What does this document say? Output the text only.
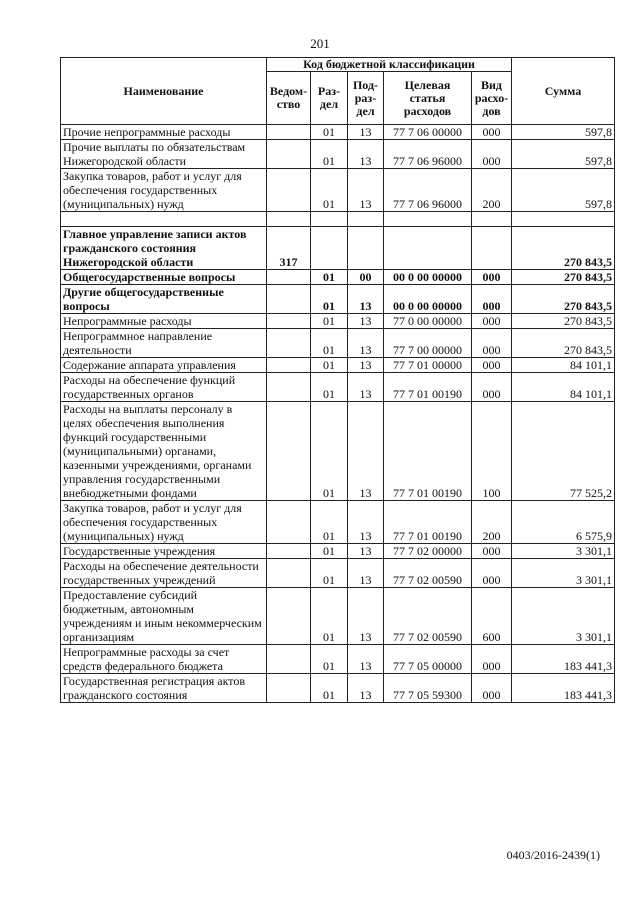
201
Наименование	Код бюджетной классификации					Сумма
	Ведом-ство	Раз-дел	Под-раз-дел	Целевая статья расходов	Вид расхо-дов	
Прочие непрограммные расходы		01	13	77 7 06 00000	000	597,8
Прочие выплаты по обязательствам Нижегородской области		01	13	77 7 06 96000	000	597,8
Закупка товаров, работ и услуг для обеспечения государственных (муниципальных) нужд		01	13	77 7 06 96000	200	597,8

Главное управление записи актов гражданского состояния Нижегородской области	317					270 843,5
Общегосударственные вопросы		01	00	00 0 00 00000	000	270 843,5
Другие общегосударственные вопросы		01	13	00 0 00 00000	000	270 843,5
Непрограммные расходы		01	13	77 0 00 00000	000	270 843,5
Непрограммное направление деятельности		01	13	77 7 00 00000	000	270 843,5
Содержание аппарата управления		01	13	77 7 01 00000	000	84 101,1
Расходы на обеспечение функций государственных органов		01	13	77 7 01 00190	000	84 101,1
Расходы на выплаты персоналу в целях обеспечения выполнения функций государственными (муниципальными) органами, казенными учреждениями, органами управления государственными внебюджетными фондами		01	13	77 7 01 00190	100	77 525,2
Закупка товаров, работ и услуг для обеспечения государственных (муниципальных) нужд		01	13	77 7 01 00190	200	6 575,9
Государственные учреждения		01	13	77 7 02 00000	000	3 301,1
Расходы на обеспечение деятельности государственных учреждений		01	13	77 7 02 00590	000	3 301,1
Предоставление субсидий бюджетным, автономным учреждениям и иным некоммерческим организациям		01	13	77 7 02 00590	600	3 301,1
Непрограммные расходы за счет средств федерального бюджета		01	13	77 7 05 00000	000	183 441,3
Государственная регистрация актов гражданского состояния		01	13	77 7 05 59300	000	183 441,3
0403/2016-2439(1)
